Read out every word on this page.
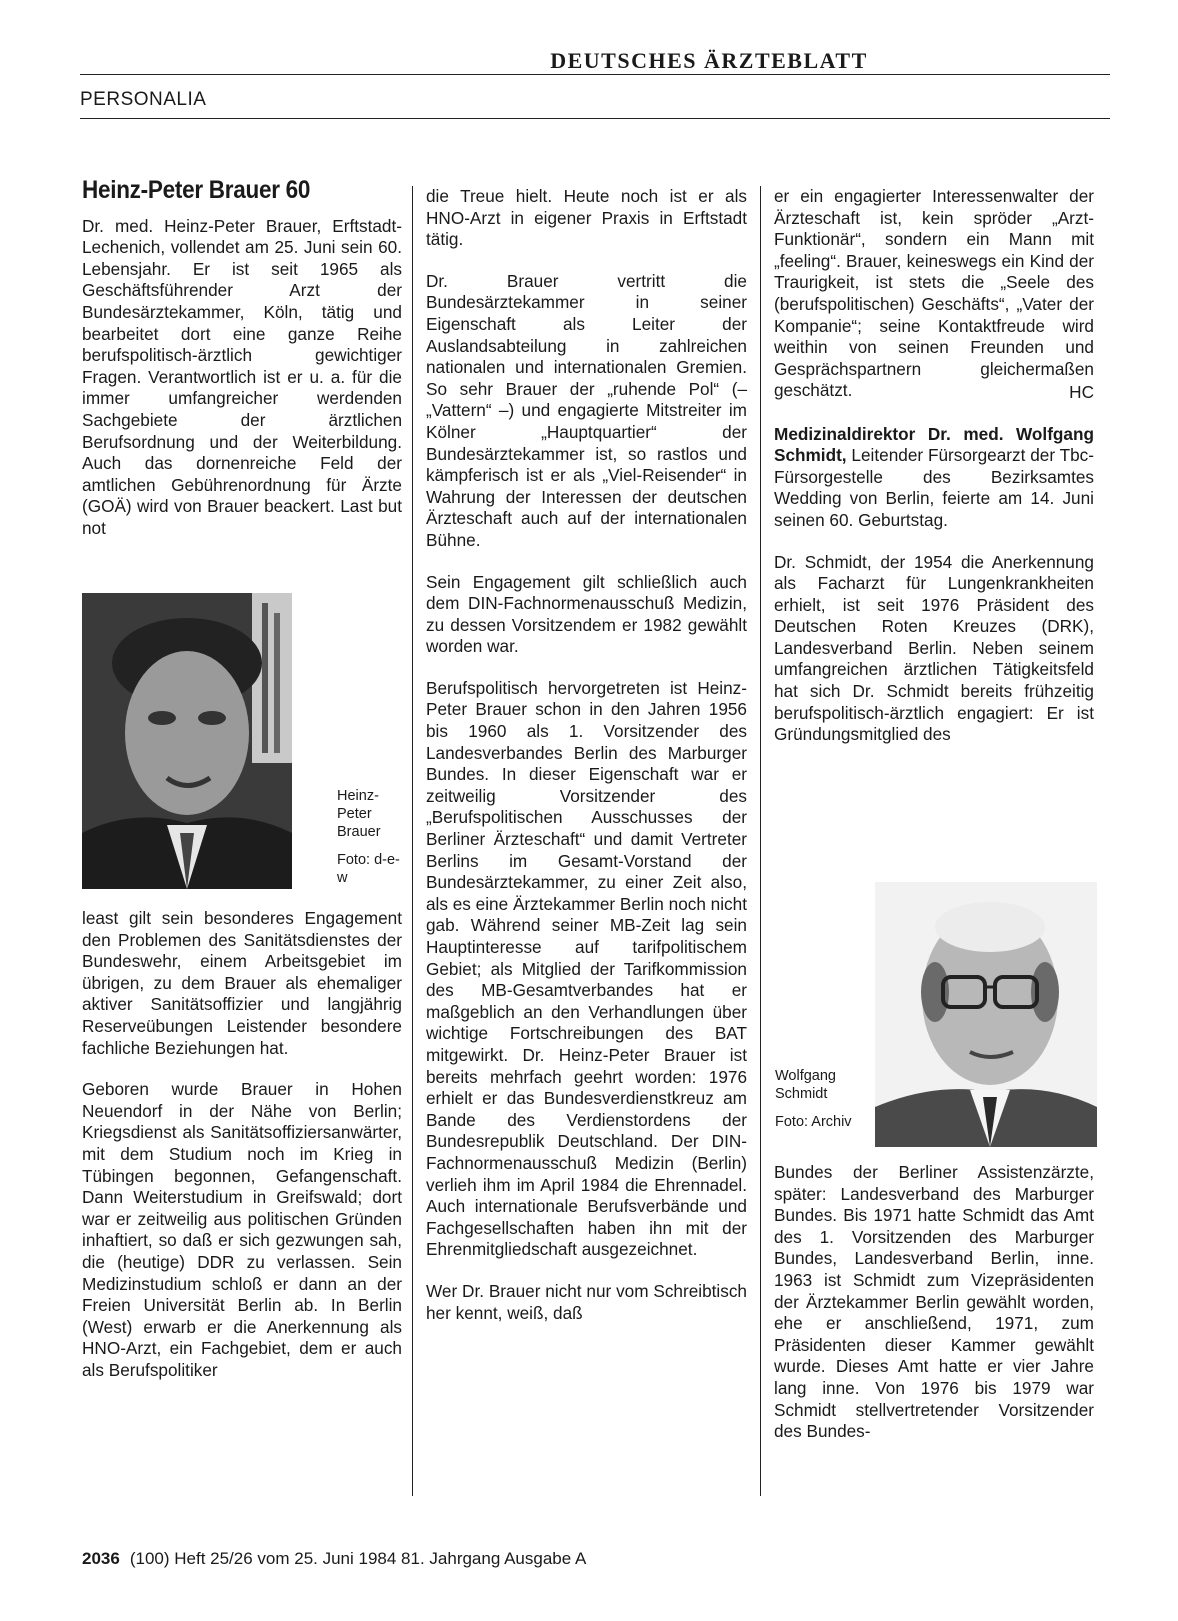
DEUTSCHES ÄRZTEBLATT
PERSONALIA
Heinz-Peter Brauer 60

Dr. med. Heinz-Peter Brauer, Erftstadt-Lechenich, vollendet am 25. Juni sein 60. Lebensjahr. Er ist seit 1965 als Geschäftsführender Arzt der Bundesärztekammer, Köln, tätig und bearbeitet dort eine ganze Reihe berufspolitisch-ärztlich gewichtiger Fragen. Verantwortlich ist er u. a. für die immer umfangreicher werdenden Sachgebiete der ärztlichen Berufsordnung und der Weiterbildung. Auch das dornenreiche Feld der amtlichen Gebührenordnung für Ärzte (GOÄ) wird von Brauer beackert. Last but not

Heinz-Peter Brauer
Foto: d-e-w

least gilt sein besonderes Engagement den Problemen des Sanitätsdienstes der Bundeswehr, einem Arbeitsgebiet im übrigen, zu dem Brauer als ehemaliger aktiver Sanitätsoffizier und langjährig Reserveübungen Leistender besondere fachliche Beziehungen hat.

Geboren wurde Brauer in Hohen Neuendorf in der Nähe von Berlin; Kriegsdienst als Sanitätsoffiziersanwärter, mit dem Studium noch im Krieg in Tübingen begonnen, Gefangenschaft. Dann Weiterstudium in Greifswald; dort war er zeitweilig aus politischen Gründen inhaftiert, so daß er sich gezwungen sah, die (heutige) DDR zu verlassen. Sein Medizinstudium schloß er dann an der Freien Universität Berlin ab. In Berlin (West) erwarb er die Anerkennung als HNO-Arzt, ein Fachgebiet, dem er auch als Berufspolitiker

die Treue hielt. Heute noch ist er als HNO-Arzt in eigener Praxis in Erftstadt tätig.

Dr. Brauer vertritt die Bundesärztekammer in seiner Eigenschaft als Leiter der Auslandsabteilung in zahlreichen nationalen und internationalen Gremien. So sehr Brauer der „ruhende Pol“ (– „Vattern“ –) und engagierte Mitstreiter im Kölner „Hauptquartier“ der Bundesärztekammer ist, so rastlos und kämpferisch ist er als „Viel-Reisender“ in Wahrung der Interessen der deutschen Ärzteschaft auch auf der internationalen Bühne.

Sein Engagement gilt schließlich auch dem DIN-Fachnormenausschuß Medizin, zu dessen Vorsitzendem er 1982 gewählt worden war.

Berufspolitisch hervorgetreten ist Heinz-Peter Brauer schon in den Jahren 1956 bis 1960 als 1. Vorsitzender des Landesverbandes Berlin des Marburger Bundes. In dieser Eigenschaft war er zeitweilig Vorsitzender des „Berufspolitischen Ausschusses der Berliner Ärzteschaft“ und damit Vertreter Berlins im Gesamt-Vorstand der Bundesärztekammer, zu einer Zeit also, als es eine Ärztekammer Berlin noch nicht gab. Während seiner MB-Zeit lag sein Hauptinteresse auf tarifpolitischem Gebiet; als Mitglied der Tarifkommission des MB-Gesamtverbandes hat er maßgeblich an den Verhandlungen über wichtige Fortschreibungen des BAT mitgewirkt. Dr. Heinz-Peter Brauer ist bereits mehrfach geehrt worden: 1976 erhielt er das Bundesverdienstkreuz am Bande des Verdienstordens der Bundesrepublik Deutschland. Der DIN-Fachnormenausschuß Medizin (Berlin) verlieh ihm im April 1984 die Ehrennadel. Auch internationale Berufsverbände und Fachgesellschaften haben ihn mit der Ehrenmitgliedschaft ausgezeichnet.

Wer Dr. Brauer nicht nur vom Schreibtisch her kennt, weiß, daß

er ein engagierter Interessenwalter der Ärzteschaft ist, kein spröder „Arzt-Funktionär“, sondern ein Mann mit „feeling“. Brauer, keineswegs ein Kind der Traurigkeit, ist stets die „Seele des (berufspolitischen) Geschäfts“, „Vater der Kompanie“; seine Kontaktfreude wird weithin von seinen Freunden und Gesprächspartnern gleichermaßen geschätzt.	HC

Medizinaldirektor Dr. med. Wolfgang Schmidt, Leitender Fürsorgearzt der Tbc-Fürsorgestelle des Bezirksamtes Wedding von Berlin, feierte am 14. Juni seinen 60. Geburtstag.

Dr. Schmidt, der 1954 die Anerkennung als Facharzt für Lungenkrankheiten erhielt, ist seit 1976 Präsident des Deutschen Roten Kreuzes (DRK), Landesverband Berlin. Neben seinem umfangreichen ärztlichen Tätigkeitsfeld hat sich Dr. Schmidt bereits frühzeitig berufspolitisch-ärztlich engagiert: Er ist Gründungsmitglied des

Wolfgang Schmidt
Foto: Archiv

Bundes der Berliner Assistenzärzte, später: Landesverband des Marburger Bundes. Bis 1971 hatte Schmidt das Amt des 1. Vorsitzenden des Marburger Bundes, Landesverband Berlin, inne. 1963 ist Schmidt zum Vizepräsidenten der Ärztekammer Berlin gewählt worden, ehe er anschließend, 1971, zum Präsidenten dieser Kammer gewählt wurde. Dieses Amt hatte er vier Jahre lang inne. Von 1976 bis 1979 war Schmidt stellvertretender Vorsitzender des Bundes-

2036 (100) Heft 25/26 vom 25. Juni 1984 81. Jahrgang Ausgabe A
